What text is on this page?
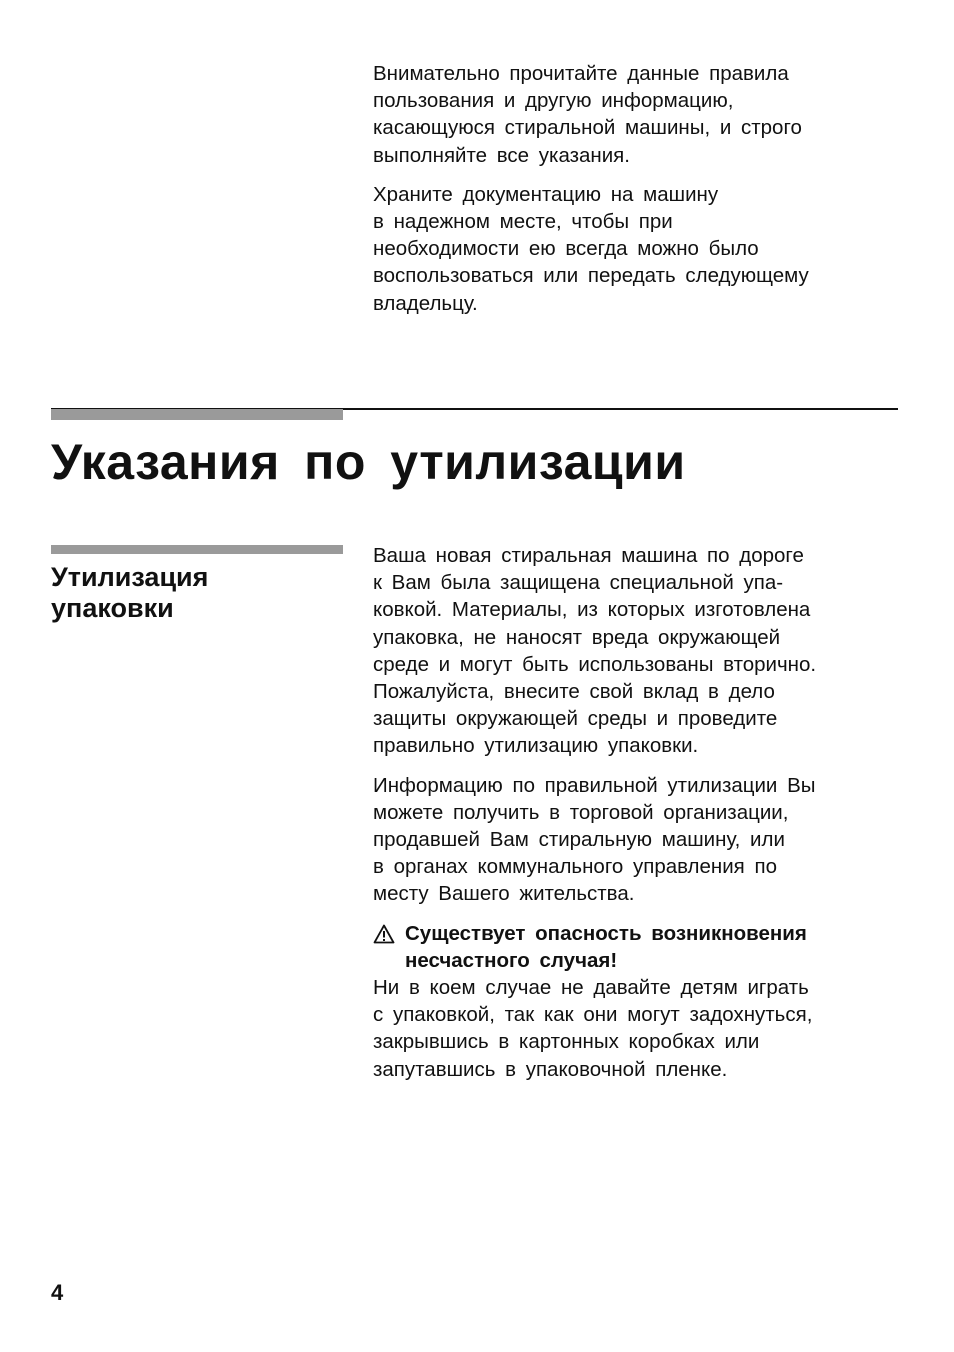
Внимательно прочитайте данные правила
пользования и другую информацию,
касающуюся стиральной машины, и строго
выполняйте все указания.

Храните документацию на машину
в надежном месте, чтобы при
необходимости ею всегда можно было
воспользоваться или передать следующему
владельцу.

Указания по утилизации
Утилизация
упаковки

Ваша новая стиральная машина по дороге
к Вам была защищена специальной упа-
ковкой. Материалы, из которых изготовлена
упаковка, не наносят вреда окружающей
среде и могут быть использованы вторично.
Пожалуйста, внесите свой вклад в дело
защиты окружающей среды и проведите
правильно утилизацию упаковки.

Информацию по правильной утилизации Вы
можете получить в торговой организации,
продавшей Вам стиральную машину, или
в органах коммунального управления по
месту Вашего жительства.

Существует опасность возникновения
несчастного случая!

Ни в коем случае не давайте детям играть
с упаковкой, так как они могут задохнуться,
закрывшись в картонных коробках или
запутавшись в упаковочной пленке.

4
